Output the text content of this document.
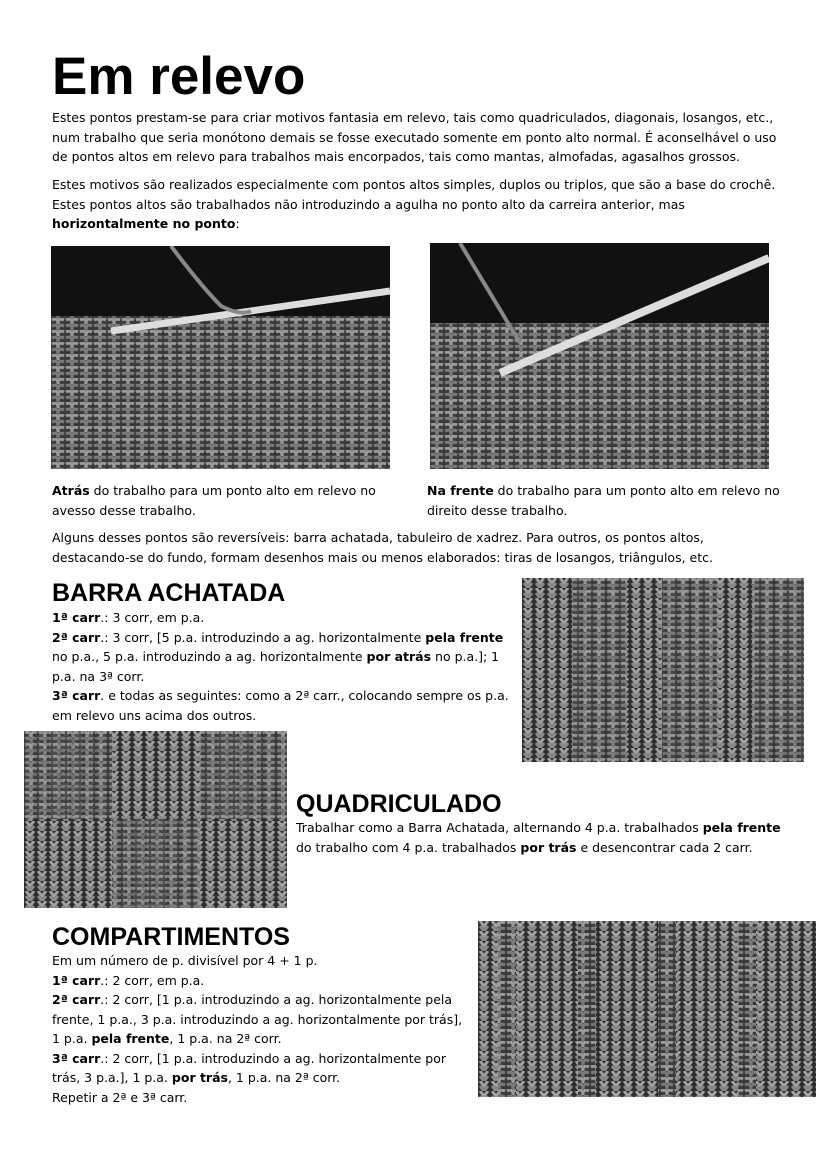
Em relevo

Estes pontos prestam-se para criar motivos fantasia em relevo, tais como quadriculados, diagonais, losangos, etc., num trabalho que seria monótono demais se fosse executado somente em ponto alto normal. É aconselhável o uso de pontos altos em relevo para trabalhos mais encorpados, tais como mantas, almofadas, agasalhos grossos.

Estes motivos são realizados especialmente com pontos altos simples, duplos ou triplos, que são a base do crochê. Estes pontos altos são trabalhados não introduzindo a agulha no ponto alto da carreira anterior, mas horizontalmente no ponto:

Atrás do trabalho para um ponto alto em relevo no avesso desse trabalho.

Na frente do trabalho para um ponto alto em relevo no direito desse trabalho.

Alguns desses pontos são reversíveis: barra achatada, tabuleiro de xadrez. Para outros, os pontos altos, destacando-se do fundo, formam desenhos mais ou menos elaborados: tiras de losangos, triângulos, etc.

BARRA ACHATADA
1ª carr.: 3 corr, em p.a.
2ª carr.: 3 corr, [5 p.a. introduzindo a ag. horizontalmente pela frente no p.a., 5 p.a. introduzindo a ag. horizontalmente por atrás no p.a.]; 1 p.a. na 3ª corr.
3ª carr. e todas as seguintes: como a 2ª carr., colocando sempre os p.a. em relevo uns acima dos outros.
QUADRICULADO

Trabalhar como a Barra Achatada, alternando 4 p.a. trabalhados pela frente do trabalho com 4 p.a. trabalhados por trás e desencontrar cada 2 carr.

COMPARTIMENTOS
Em um número de p. divisível por 4 + 1 p.
1ª carr.: 2 corr, em p.a.
2ª carr.: 2 corr, [1 p.a. introduzindo a ag. horizontalmente pela frente, 1 p.a., 3 p.a. introduzindo a ag. horizontalmente por trás], 1 p.a. pela frente, 1 p.a. na 2ª corr.
3ª carr.: 2 corr, [1 p.a. introduzindo a ag. horizontalmente por trás, 3 p.a.], 1 p.a. por trás, 1 p.a. na 2ª corr.
Repetir a 2ª e 3ª carr.
